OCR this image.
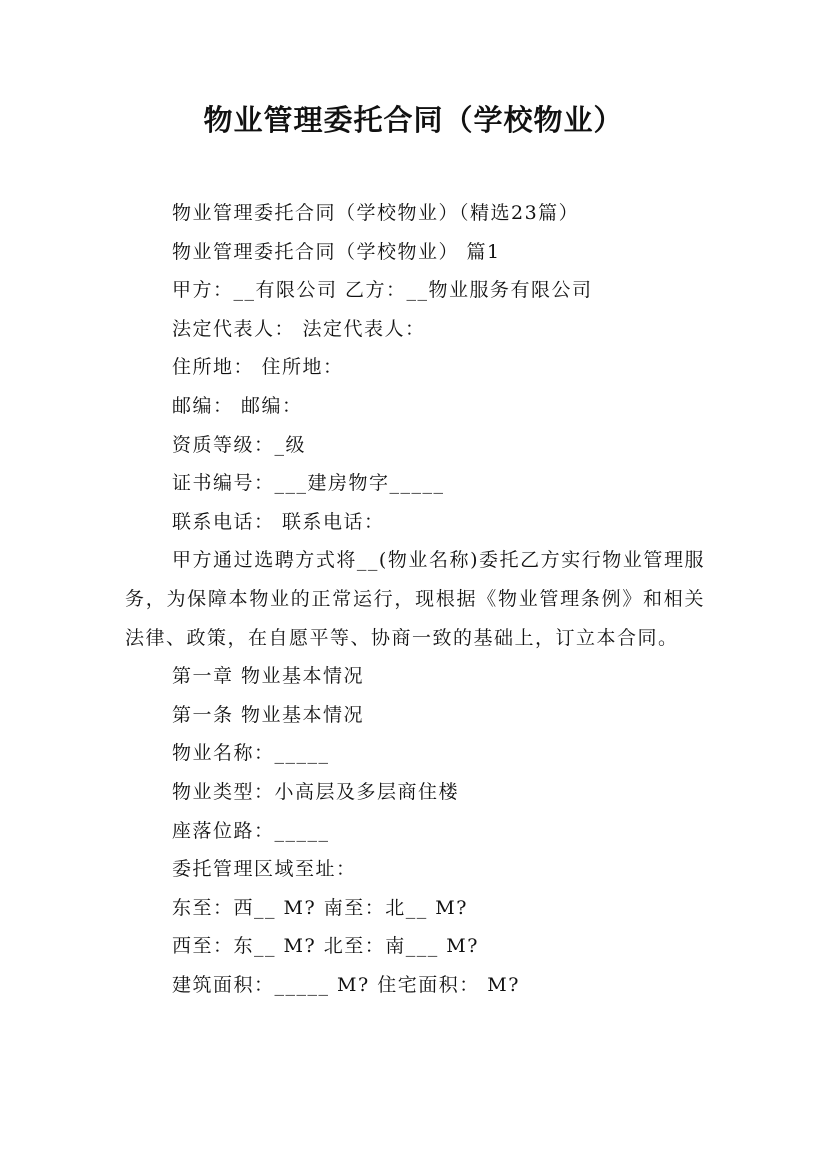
物业管理委托合同（学校物业）

物业管理委托合同（学校物业）（精选23篇）

物业管理委托合同（学校物业） 篇1

甲方：__有限公司 乙方：__物业服务有限公司

法定代表人： 法定代表人：

住所地： 住所地：

邮编： 邮编：

资质等级：_级

证书编号：___建房物字_____

联系电话： 联系电话：

甲方通过选聘方式将__(物业名称)委托乙方实行物业管理服务，为保障本物业的正常运行，现根据《物业管理条例》和相关法律、政策，在自愿平等、协商一致的基础上，订立本合同。

第一章 物业基本情况

第一条 物业基本情况

物业名称：_____

物业类型：小高层及多层商住楼

座落位路：_____

委托管理区域至址：

东至：西__ M? 南至：北__ M?

西至：东__ M? 北至：南___ M?

建筑面积：_____ M? 住宅面积： M?
